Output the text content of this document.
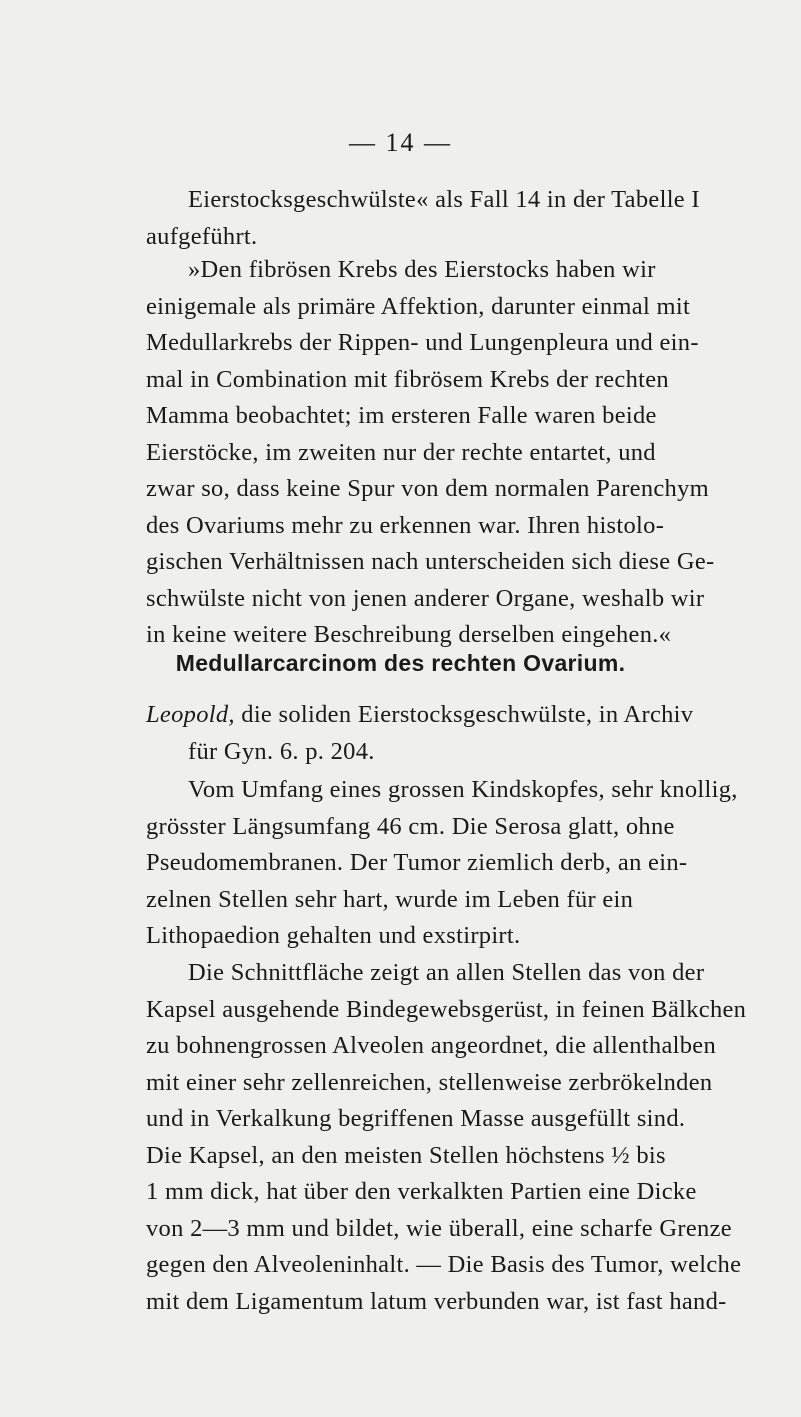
— 14 —
Eierstocksgeschwülste« als Fall 14 in der Tabelle I
aufgeführt.
»Den fibrösen Krebs des Eierstocks haben wir
einigemale als primäre Affektion, darunter einmal mit
Medullarkrebs der Rippen- und Lungenpleura und ein-
mal in Combination mit fibrösem Krebs der rechten
Mamma beobachtet; im ersteren Falle waren beide
Eierstöcke, im zweiten nur der rechte entartet, und
zwar so, dass keine Spur von dem normalen Parenchym
des Ovariums mehr zu erkennen war. Ihren histolo-
gischen Verhältnissen nach unterscheiden sich diese Ge-
schwülste nicht von jenen anderer Organe, weshalb wir
in keine weitere Beschreibung derselben eingehen.«
Medullarcarcinom des rechten Ovarium.
Leopold, die soliden Eierstocksgeschwülste, in Archiv
für Gyn. 6. p. 204.
Vom Umfang eines grossen Kindskopfes, sehr knollig,
grösster Längsumfang 46 cm. Die Serosa glatt, ohne
Pseudomembranen. Der Tumor ziemlich derb, an ein-
zelnen Stellen sehr hart, wurde im Leben für ein
Lithopaedion gehalten und exstirpirt.
Die Schnittfläche zeigt an allen Stellen das von der
Kapsel ausgehende Bindegewebsgerüst, in feinen Bälkchen
zu bohnengrossen Alveolen angeordnet, die allenthalben
mit einer sehr zellenreichen, stellenweise zerbrökelnden
und in Verkalkung begriffenen Masse ausgefüllt sind.
Die Kapsel, an den meisten Stellen höchstens ½ bis
1 mm dick, hat über den verkalkten Partien eine Dicke
von 2—3 mm und bildet, wie überall, eine scharfe Grenze
gegen den Alveoleninhalt. — Die Basis des Tumor, welche
mit dem Ligamentum latum verbunden war, ist fast hand-
